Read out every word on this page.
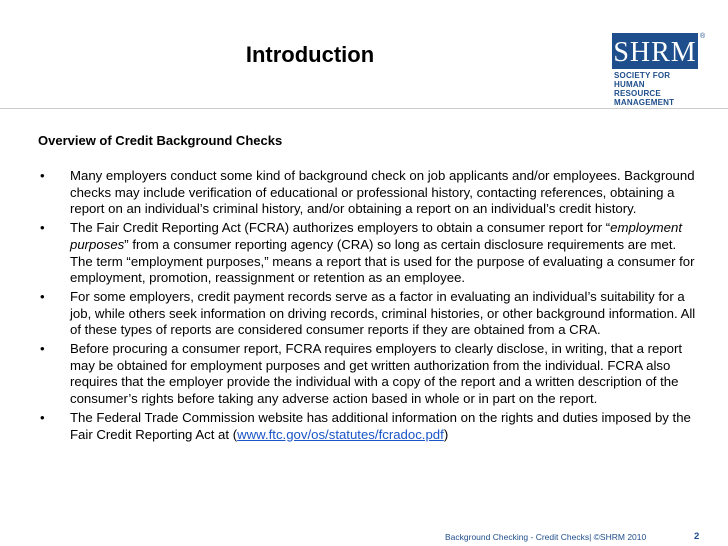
Introduction	SHRM
®
SOCIETY FOR HUMAN
RESOURCE MANAGEMENT
Overview of Credit Background Checks
• Many employers conduct some kind of background check on job applicants and/or employees. Background checks may include verification of educational or professional history, contacting references, obtaining a report on an individual’s criminal history, and/or obtaining a report on an individual’s credit history.
• The Fair Credit Reporting Act (FCRA) authorizes employers to obtain a consumer report for “employment purposes” from a consumer reporting agency (CRA) so long as certain disclosure requirements are met. The term “employment purposes,” means a report that is used for the purpose of evaluating a consumer for employment, promotion, reassignment or retention as an employee.
• For some employers, credit payment records serve as a factor in evaluating an individual’s suitability for a job, while others seek information on driving records, criminal histories, or other background information. All of these types of reports are considered consumer reports if they are obtained from a CRA.
• Before procuring a consumer report, FCRA requires employers to clearly disclose, in writing, that a report may be obtained for employment purposes and get written authorization from the individual. FCRA also requires that the employer provide the individual with a copy of the report and a written description of the consumer’s rights before taking any adverse action based in whole or in part on the report.
• The Federal Trade Commission website has additional information on the rights and duties imposed by the Fair Credit Reporting Act at (www.ftc.gov/os/statutes/fcradoc.pdf)
Background Checking - Credit Checks| ©SHRM 2010	2
